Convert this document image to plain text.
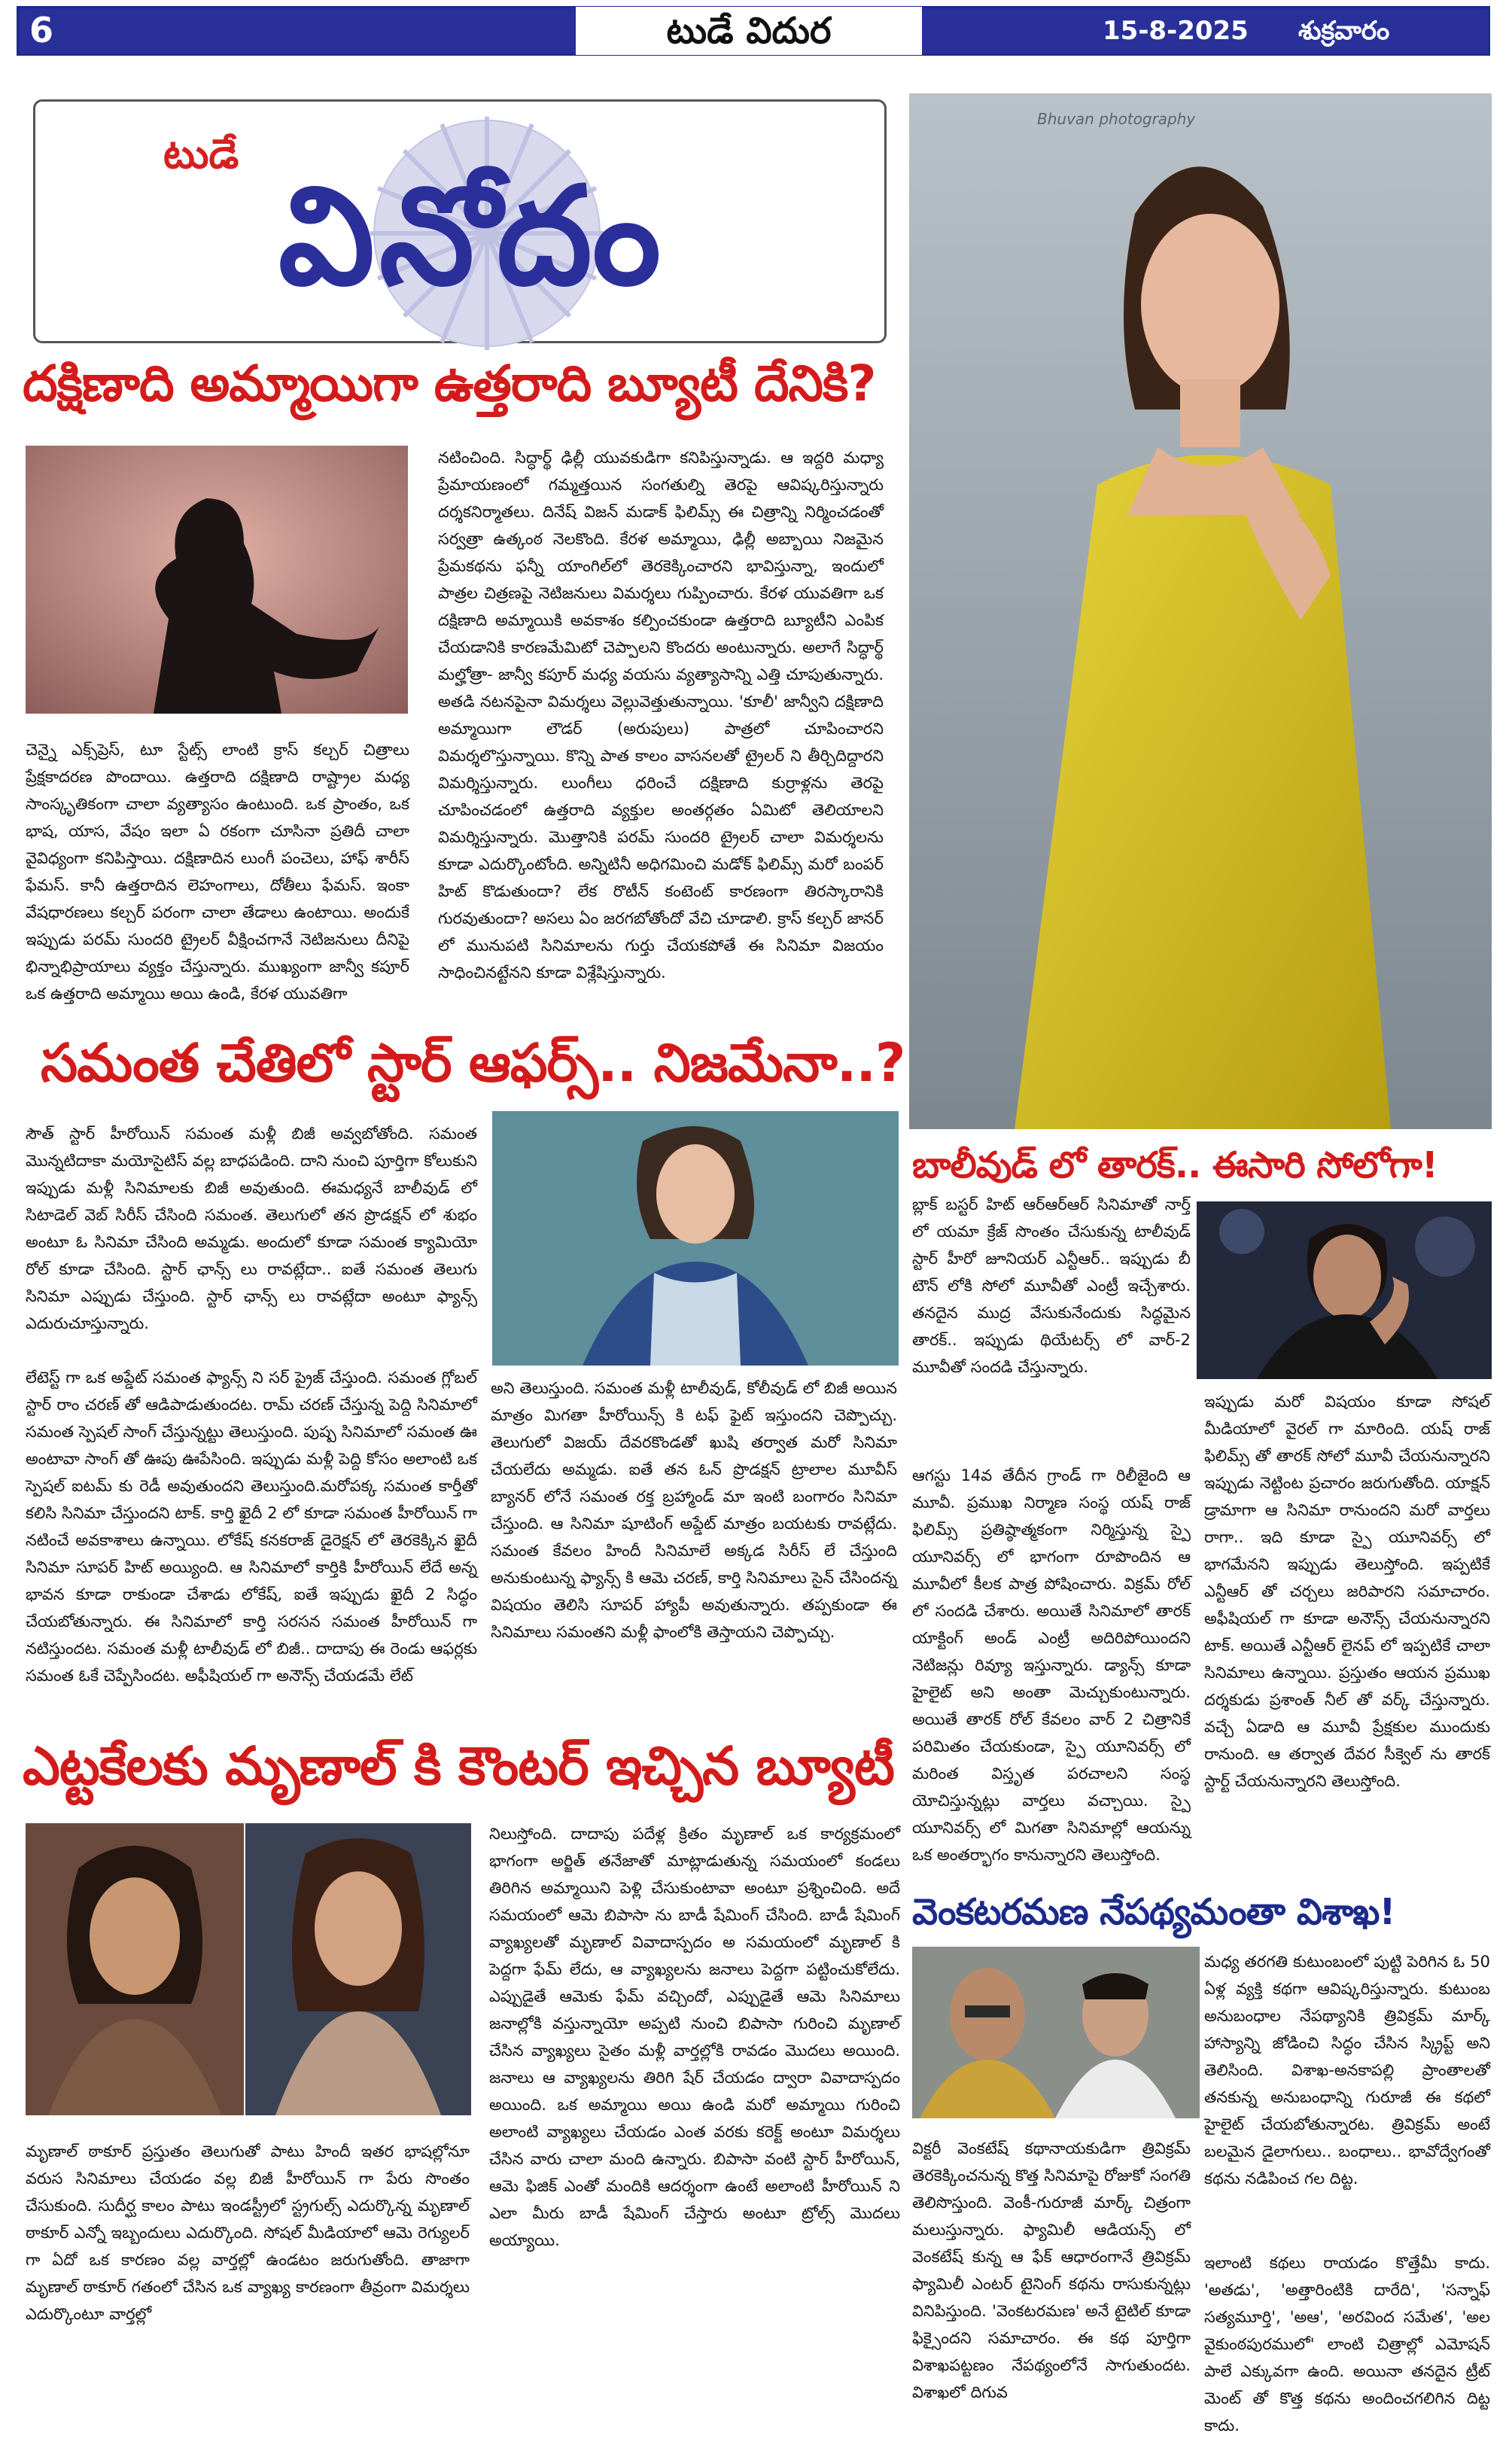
6	టుడే విదుర	15-8-2025 శుక్రవారం
టుడే
వినోదం
Bhuvan photography
దక్షిణాది అమ్మాయిగా ఉత్తరాది బ్యూటీ దేనికి?

చెన్నై ఎక్స్‌ప్రెస్, టూ స్టేట్స్ లాంటి క్రాస్ కల్చర్ చిత్రాలు ప్రేక్షకాదరణ పొందాయి. ఉత్తరాది దక్షిణాది రాష్ట్రాల మధ్య సాంస్కృతికంగా చాలా వ్యత్యాసం ఉంటుంది. ఒక ప్రాంతం, ఒక భాష, యాస, వేషం ఇలా ఏ రకంగా చూసినా ప్రతిదీ చాలా వైవిధ్యంగా కనిపిస్తాయి. దక్షిణాదిన లుంగీ పంచెలు, హాఫ్ శారీస్ ఫేమస్. కానీ ఉత్తరాదిన లెహంగాలు, దోతీలు ఫేమస్. ఇంకా వేషధారణలు కల్చర్ పరంగా చాలా తేడాలు ఉంటాయి. అందుకే ఇప్పుడు పరమ్ సుందరి ట్రైలర్ వీక్షించగానే నెటిజనులు దీనిపై భిన్నాభిప్రాయాలు వ్యక్తం చేస్తున్నారు. ముఖ్యంగా జాన్వీ కపూర్ ఒక ఉత్తరాది అమ్మాయి అయి ఉండి, కేరళ యువతిగా

నటించింది. సిద్ధార్థ్ ఢిల్లీ యువకుడిగా కనిపిస్తున్నాడు. ఆ ఇద్దరి మధ్యా ప్రేమాయణంలో గమ్మత్తయిన సంగతుల్ని తెరపై ఆవిష్కరిస్తున్నారు దర్శకనిర్మాతలు. దినేష్ విజన్ మడాక్ ఫిలిమ్స్ ఈ చిత్రాన్ని నిర్మించడంతో సర్వత్రా ఉత్కంఠ నెలకొంది. కేరళ అమ్మాయి, ఢిల్లీ అబ్బాయి నిజమైన ప్రేమకథను ఫన్నీ యాంగిల్‌లో తెరకెక్కించారని భావిస్తున్నా, ఇందులో పాత్రల చిత్రణపై నెటిజనులు విమర్శలు గుప్పించారు. కేరళ యువతిగా ఒక దక్షిణాది అమ్మాయికి అవకాశం కల్పించకుండా ఉత్తరాది బ్యూటీని ఎంపిక చేయడానికి కారణమేమిటో చెప్పాలని కొందరు అంటున్నారు. అలాగే సిద్ధార్థ్ మల్హోత్రా- జాన్వీ కపూర్ మధ్య వయసు వ్యత్యాసాన్ని ఎత్తి చూపుతున్నారు. అతడి నటనపైనా విమర్శలు వెల్లువెత్తుతున్నాయి. 'కూలీ' జాన్వీని దక్షిణాది అమ్మాయిగా లౌడర్ (అరుపులు) పాత్రలో చూపించారని విమర్శలొస్తున్నాయి. కొన్ని పాత కాలం వాసనలతో ట్రైలర్ ని తీర్చిదిద్దారని విమర్శిస్తున్నారు. లుంగీలు ధరించే దక్షిణాది కుర్రాళ్లను తెరపై చూపించడంలో ఉత్తరాది వ్యక్తుల అంతర్గతం ఏమిటో తెలియాలని విమర్శిస్తున్నారు. మొత్తానికి పరమ్ సుందరి ట్రైలర్ చాలా విమర్శలను కూడా ఎదుర్కొంటోంది. అన్నిటినీ అధిగమించి మడోక్ ఫిలిమ్స్ మరో బంపర్ హిట్ కొడుతుందా? లేక రొటీన్ కంటెంట్ కారణంగా తిరస్కారానికి గురవుతుందా? అసలు ఏం జరగబోతోందో వేచి చూడాలి. క్రాస్ కల్చర్ జానర్ లో మునుపటి సినిమాలను గుర్తు చేయకపోతే ఈ సినిమా విజయం సాధించినట్టేనని కూడా విశ్లేషిస్తున్నారు.

సమంత చేతిలో స్టార్ ఆఫర్స్.. నిజమేనా..?

సౌత్ స్టార్ హీరోయిన్ సమంత మళ్లీ బిజీ అవ్వబోతోంది. సమంత మొన్నటిదాకా మయోసైటిస్ వల్ల బాధపడింది. దాని నుంచి పూర్తిగా కోలుకుని ఇప్పుడు మళ్లీ సినిమాలకు బిజీ అవుతుంది. ఈమధ్యనే బాలీవుడ్ లో సిటాడెల్ వెబ్ సిరీస్ చేసింది సమంత. తెలుగులో తన ప్రొడక్షన్ లో శుభం అంటూ ఓ సినిమా చేసింది అమ్మడు. అందులో కూడా సమంత క్యామియో రోల్ కూడా చేసింది. స్టార్ ఛాన్స్ లు రావట్లేదా.. ఐతే సమంత తెలుగు సినిమా ఎప్పుడు చేస్తుంది. స్టార్ ఛాన్స్ లు రావట్లేదా అంటూ ఫ్యాన్స్ ఎదురుచూస్తున్నారు.

లేటెస్ట్ గా ఒక అప్డేట్ సమంత ఫ్యాన్స్ ని సర్ ప్రైజ్ చేస్తుంది. సమంత గ్లోబల్ స్టార్ రాం చరణ్ తో ఆడిపాడుతుందట. రామ్ చరణ్ చేస్తున్న పెద్ది సినిమాలో సమంత స్పెషల్ సాంగ్ చేస్తున్నట్టు తెలుస్తుంది. పుష్ప సినిమాలో సమంత ఊ అంటావా సాంగ్ తో ఊపు ఊపేసింది. ఇప్పుడు మళ్లీ పెద్ది కోసం అలాంటి ఒక స్పెషల్ ఐటమ్ కు రెడీ అవుతుందని తెలుస్తుంది.మరోపక్క సమంత కార్తీతో కలిసి సినిమా చేస్తుందని టాక్. కార్తి ఖైదీ 2 లో కూడా సమంత హీరోయిన్ గా నటించే అవకాశాలు ఉన్నాయి. లోకేష్ కనకరాజ్ డైరెక్షన్ లో తెరకెక్కిన ఖైదీ సినిమా సూపర్ హిట్ అయ్యింది. ఆ సినిమాలో కార్తికి హీరోయిన్ లేదే అన్న భావన కూడా రాకుండా చేశాడు లోకేష్, ఐతే ఇప్పుడు ఖైదీ 2 సిద్ధం చేయబోతున్నారు. ఈ సినిమాలో కార్తి సరసన సమంత హీరోయిన్ గా నటిస్తుందట. సమంత మళ్లీ టాలీవుడ్ లో బిజీ.. దాదాపు ఈ రెండు ఆఫర్లకు సమంత ఓకే చెప్పేసిందట. అఫీషియల్ గా అనౌన్స్ చేయడమే లేట్

అని తెలుస్తుంది. సమంత మళ్లీ టాలీవుడ్, కోలీవుడ్ లో బిజీ అయిన మాత్రం మిగతా హీరోయిన్స్ కి టఫ్ ఫైట్ ఇస్తుందని చెప్పొచ్చు. తెలుగులో విజయ్ దేవరకొండతో ఖుషి తర్వాత మరో సినిమా చేయలేదు అమ్మడు. ఐతే తన ఓన్ ప్రొడక్షన్ ట్రాలాల మూవీస్ బ్యానర్ లోనే సమంత రక్త బ్రహ్మాండ్ మా ఇంటి బంగారం సినిమా చేస్తుంది. ఆ సినిమా షూటింగ్ అప్డేట్ మాత్రం బయటకు రావట్లేదు. సమంత కేవలం హిందీ సినిమాలే అక్కడ సిరీస్ లే చేస్తుంది అనుకుంటున్న ఫ్యాన్స్ కి ఆమె చరణ్, కార్తి సినిమాలు సైన్ చేసిందన్న విషయం తెలిసి సూపర్ హ్యాపీ అవుతున్నారు. తప్పకుండా ఈ సినిమాలు సమంతని మళ్లీ ఫాంలోకి తెస్తాయని చెప్పొచ్చు.

బాలీవుడ్ లో తారక్.. ఈసారి సోలోగా!

బ్లాక్ బస్టర్ హిట్ ఆర్ఆర్ఆర్ సినిమాతో నార్త్ లో యమా క్రేజ్ సొంతం చేసుకున్న టాలీవుడ్ స్టార్ హీరో జూనియర్ ఎన్టీఆర్.. ఇప్పుడు బీ టౌన్ లోకి సోలో మూవీతో ఎంట్రీ ఇచ్చేశారు. తనదైన ముద్ర వేసుకునేందుకు సిద్ధమైన తారక్.. ఇప్పుడు థియేటర్స్ లో వార్-2 మూవీతో సందడి చేస్తున్నారు.

ఆగస్టు 14వ తేదీన గ్రాండ్ గా రిలీజైంది ఆ మూవీ. ప్రముఖ నిర్మాణ సంస్థ యష్ రాజ్ ఫిలిమ్స్ ప్రతిష్ఠాత్మకంగా నిర్మిస్తున్న స్పై యూనివర్స్ లో భాగంగా రూపొందిన ఆ మూవీలో కీలక పాత్ర పోషించారు. విక్రమ్ రోల్ లో సందడి చేశారు. అయితే సినిమాలో తారక్ యాక్టింగ్ అండ్ ఎంట్రీ అదిరిపోయిందని నెటిజన్లు రివ్యూ ఇస్తున్నారు. డ్యాన్స్ కూడా హైలైట్ అని అంతా మెచ్చుకుంటున్నారు. అయితే తారక్ రోల్ కేవలం వార్ 2 చిత్రానికే పరిమితం చేయకుండా, స్పై యూనివర్స్ లో మరింత విస్తృత పరచాలని సంస్థ యోచిస్తున్నట్లు వార్తలు వచ్చాయి. స్పై యూనివర్స్ లో మిగతా సినిమాల్లో ఆయన్ను ఒక అంతర్భాగం కానున్నారని తెలుస్తోంది.

ఇప్పుడు మరో విషయం కూడా సోషల్ మీడియాలో వైరల్ గా మారింది. యష్ రాజ్ ఫిలిమ్స్ తో తారక్ సోలో మూవీ చేయనున్నారని ఇప్పుడు నెట్టింట ప్రచారం జరుగుతోంది. యాక్షన్ డ్రామాగా ఆ సినిమా రానుందని మరో వార్తలు రాగా.. ఇది కూడా స్పై యూనివర్స్ లో భాగమేనని ఇప్పుడు తెలుస్తోంది. ఇప్పటికే ఎన్టీఆర్ తో చర్చలు జరిపారని సమాచారం. అఫీషియల్ గా కూడా అనౌన్స్ చేయనున్నారని టాక్. అయితే ఎన్టీఆర్ లైనప్ లో ఇప్పటికే చాలా సినిమాలు ఉన్నాయి. ప్రస్తుతం ఆయన ప్రముఖ దర్శకుడు ప్రశాంత్ నీల్ తో వర్క్ చేస్తున్నారు. వచ్చే ఏడాది ఆ మూవీ ప్రేక్షకుల ముందుకు రానుంది. ఆ తర్వాత దేవర సీక్వెల్ ను తారక్ స్టార్ట్ చేయనున్నారని తెలుస్తోంది.

ఎట్టకేలకు మృణాల్ కి కౌంటర్ ఇచ్చిన బ్యూటీ

నిలుస్తోంది. దాదాపు పదేళ్ల క్రితం మృణాల్ ఒక కార్యక్రమంలో భాగంగా అర్జిత్ తనేజాతో మాట్లాడుతున్న సమయంలో కండలు తిరిగిన అమ్మాయిని పెళ్లి చేసుకుంటావా అంటూ ప్రశ్నించింది. అదే సమయంలో ఆమె బిపాసా ను బాడీ షేమింగ్ చేసింది. బాడీ షేమింగ్ వ్యాఖ్యలతో మృణాల్ వివాదాస్పదం అ సమయంలో మృణాల్ కి పెద్దగా ఫేమ్ లేదు, ఆ వ్యాఖ్యలను జనాలు పెద్దగా పట్టించుకోలేదు. ఎప్పుడైతే ఆమెకు ఫేమ్ వచ్చిందో, ఎప్పుడైతే ఆమె సినిమాలు జనాల్లోకి వస్తున్నాయో అప్పటి నుంచి బిపాసా గురించి మృణాల్ చేసిన వ్యాఖ్యలు సైతం మళ్లీ వార్తల్లోకి రావడం మొదలు అయింది. జనాలు ఆ వ్యాఖ్యలను తిరిగి షేర్ చేయడం ద్వారా వివాదాస్పదం అయింది. ఒక అమ్మాయి అయి ఉండి మరో అమ్మాయి గురించి అలాంటి వ్యాఖ్యలు చేయడం ఎంత వరకు కరెక్ట్ అంటూ విమర్శలు చేసిన వారు చాలా మంది ఉన్నారు. బిపాసా వంటి స్టార్ హీరోయిన్, ఆమె ఫిజిక్ ఎంతో మందికి ఆదర్శంగా ఉంటే అలాంటి హీరోయిన్ ని ఎలా మీరు బాడీ షేమింగ్ చేస్తారు అంటూ ట్రోల్స్ మొదలు అయ్యాయి.

మృణాల్ ఠాకూర్ ప్రస్తుతం తెలుగుతో పాటు హిందీ ఇతర భాషల్లోనూ వరుస సినిమాలు చేయడం వల్ల బిజీ హీరోయిన్ గా పేరు సొంతం చేసుకుంది. సుదీర్ఘ కాలం పాటు ఇండస్ట్రీలో స్ట్రగుల్స్ ఎదుర్కొన్న మృణాల్ ఠాకూర్ ఎన్నో ఇబ్బందులు ఎదుర్కొంది. సోషల్ మీడియాలో ఆమె రెగ్యులర్ గా ఏదో ఒక కారణం వల్ల వార్తల్లో ఉండటం జరుగుతోంది. తాజాగా మృణాల్ ఠాకూర్ గతంలో చేసిన ఒక వ్యాఖ్య కారణంగా తీవ్రంగా విమర్శలు ఎదుర్కొంటూ వార్తల్లో

వెంకటరమణ నేపథ్యమంతా విశాఖ!

మధ్య తరగతి కుటుంబంలో పుట్టి పెరిగిన ఓ 50 ఏళ్ల వ్యక్తి కథగా ఆవిష్కరిస్తున్నారు. కుటుంబ అనుబంధాల నేపథ్యానికి త్రివిక్రమ్ మార్క్ హాస్యాన్ని జోడించి సిద్ధం చేసిన స్క్రిప్ట్ అని తెలిసింది. విశాఖ-అనకాపల్లి ప్రాంతాలతో తనకున్న అనుబంధాన్ని గురూజీ ఈ కథలో హైలైట్ చేయబోతున్నారట. త్రివిక్రమ్ అంటే బలమైన డైలాగులు.. బంధాలు.. భావోద్వేగంతో కథను నడిపించ గల దిట్ట.

విక్టరీ వెంకటేష్ కథానాయకుడిగా త్రివిక్రమ్ తెరకెక్కించనున్న కొత్త సినిమాపై రోజుకో సంగతి తెలిసొస్తుంది. వెంకీ-గురూజీ మార్క్ చిత్రంగా మలుస్తున్నారు. ఫ్యామిలీ ఆడియన్స్ లో వెంకటేష్ కున్న ఆ ఫేక్ ఆధారంగానే త్రివిక్రమ్ ఫ్యామిలీ ఎంటర్ టైనింగ్ కథను రాసుకున్నట్లు వినిపిస్తుంది. 'వెంకటరమణ' అనే టైటిల్ కూడా ఫిక్సైందని సమాచారం. ఈ కథ పూర్తిగా విశాఖపట్టణం నేపథ్యంలోనే సాగుతుందట. విశాఖలో దిగువ

ఇలాంటి కథలు రాయడం కొత్తేమీ కాదు. 'అతడు', 'అత్తారింటికి దారేది', 'సన్నాఫ్ సత్యమూర్తి', 'అఆ', 'అరవింద సమేత', 'అల వైకుంఠపురములో' లాంటి చిత్రాల్లో ఎమోషన్ పాలే ఎక్కువగా ఉంది. అయినా తనదైన ట్రీట్ మెంట్ తో కొత్త కథను అందించగలిగిన దిట్ట కాదు.
